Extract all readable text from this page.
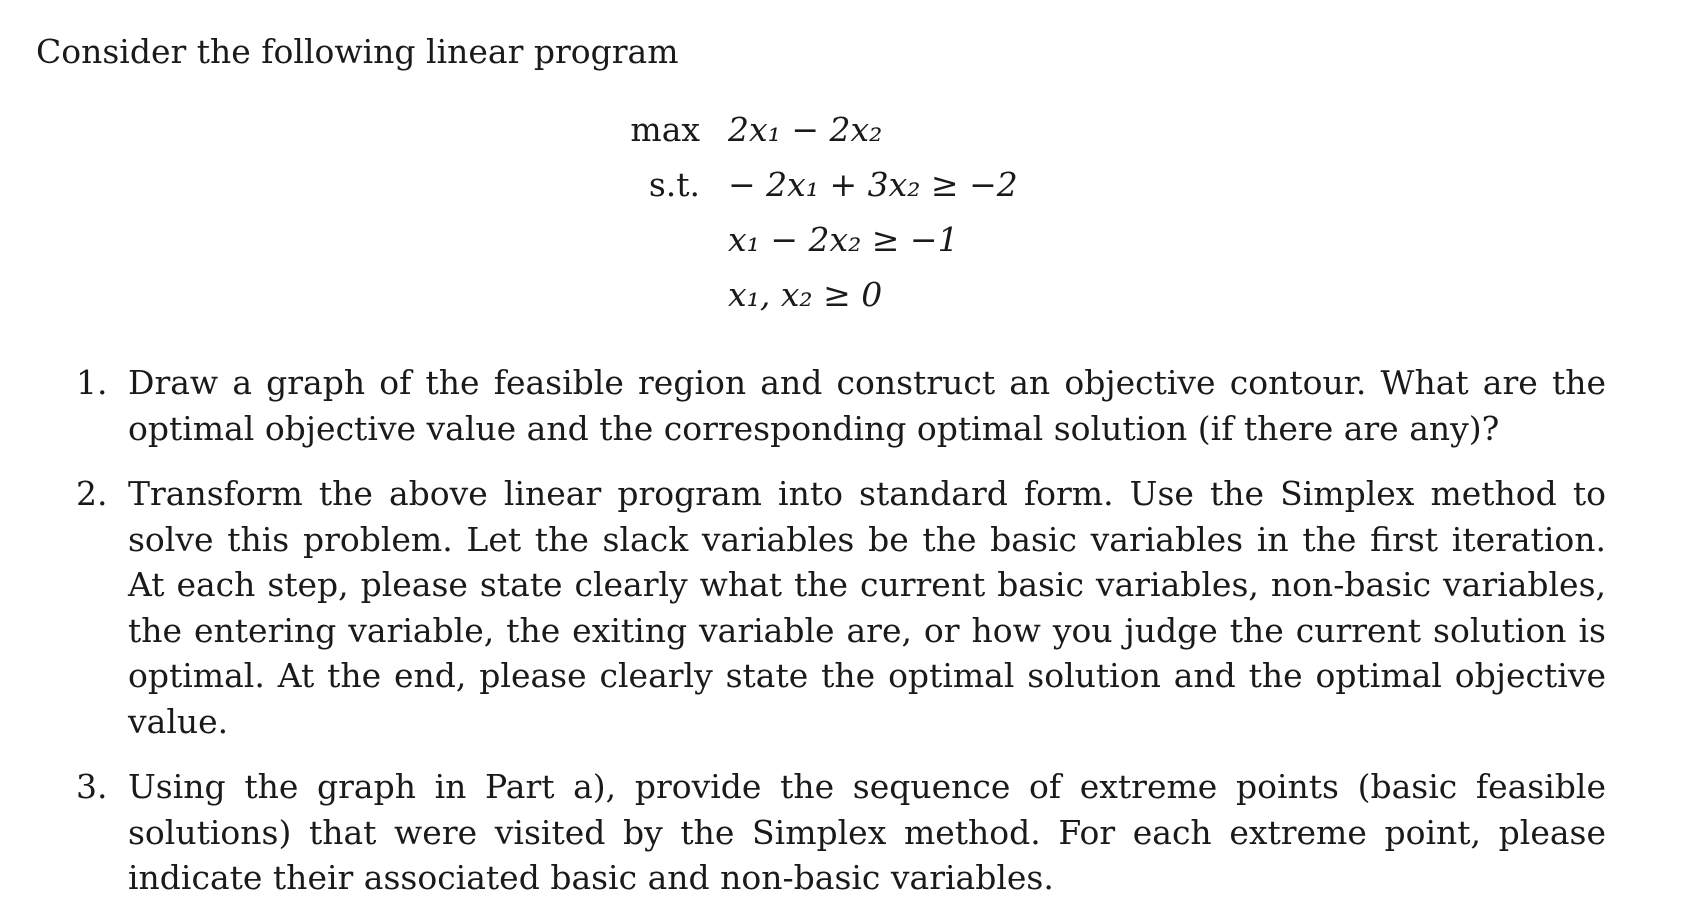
Consider the following linear program
max 2x₁ − 2x₂
s.t. − 2x₁ + 3x₂ ≥ −2
x₁ − 2x₂ ≥ −1
x₁, x₂ ≥ 0
1. Draw a graph of the feasible region and construct an objective contour. What are the optimal objective value and the corresponding optimal solution (if there are any)?
2. Transform the above linear program into standard form. Use the Simplex method to solve this problem. Let the slack variables be the basic variables in the first iteration. At each step, please state clearly what the current basic variables, non-basic variables, the entering variable, the exiting variable are, or how you judge the current solution is optimal. At the end, please clearly state the optimal solution and the optimal objective value.
3. Using the graph in Part a), provide the sequence of extreme points (basic feasible solutions) that were visited by the Simplex method. For each extreme point, please indicate their associated basic and non-basic variables.
